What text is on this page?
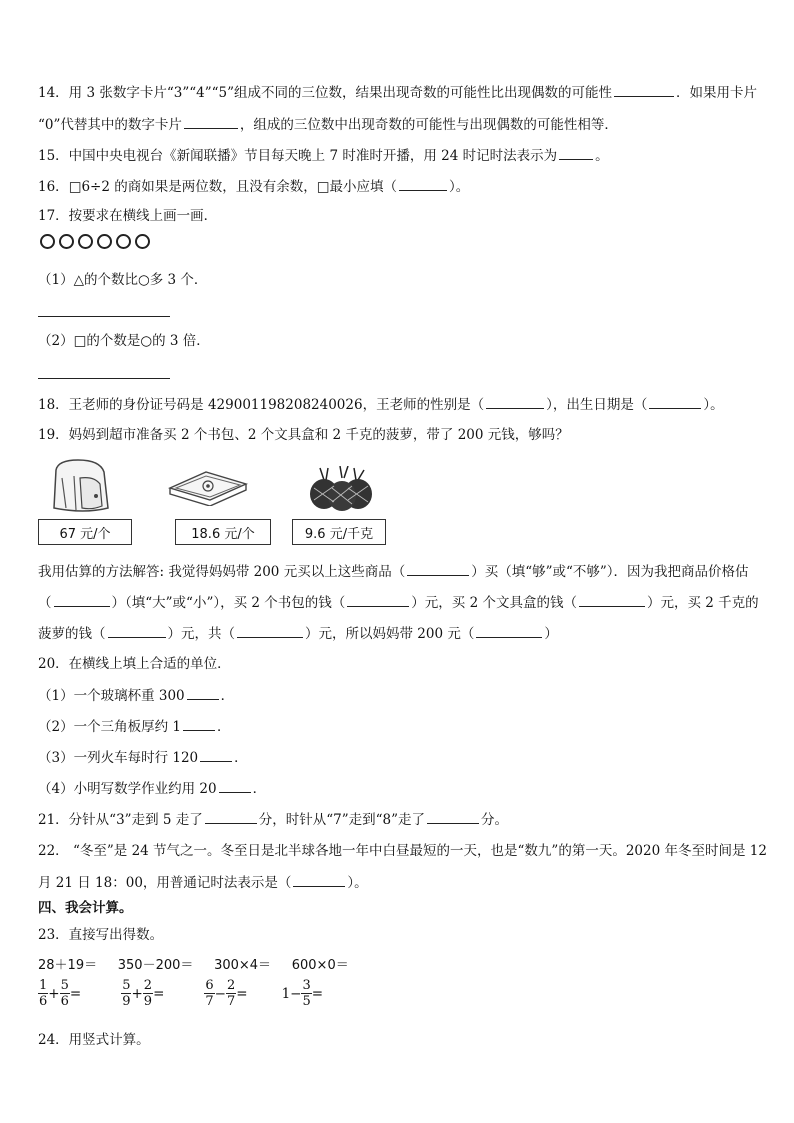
14．用 3 张数字卡片“3”“4”“5”组成不同的三位数，结果出现奇数的可能性比出现偶数的可能性	．如果用卡片
“0”代替其中的数字卡片	，组成的三位数中出现奇数的可能性与出现偶数的可能性相等．
15．中国中央电视台《新闻联播》节目每天晚上 7 时准时开播，用 24 时记时法表示为	。
16．□6÷2 的商如果是两位数，且没有余数，□最小应填（	）。
17．按要求在横线上画一画．
（1）△的个数比○多 3 个．
（2）□的个数是○的 3 倍．
18．王老师的身份证号码是 429001198208240026，王老师的性别是（	），出生日期是（	）。
19．妈妈到超市准备买 2 个书包、2 个文具盒和 2 千克的菠萝，带了 200 元钱，够吗？
67 元/个	18.6 元/个	9.6 元/千克
我用估算的方法解答: 我觉得妈妈带 200 元买以上这些商品（	）买（填“够”或“不够”）．因为我把商品价格估
（	）（填“大”或“小”），买 2 个书包的钱（	）元，买 2 个文具盒的钱（	）元，买 2 千克的
菠萝的钱（	）元，共（	）元，所以妈妈带 200 元（	）
20．在横线上填上合适的单位．
（1）一个玻璃杯重 300	．
（2）一个三角板厚约 1	．
（3）一列火车每时行 120	．
（4）小明写数学作业约用 20	．
21．分针从“3”走到 5 走了	分，时针从“7”走到“8”走了	分。
22． “冬至”是 24 节气之一。冬至日是北半球各地一年中白昼最短的一天，也是“数九”的第一天。2020 年冬至时间是 12
月 21 日 18：00，用普通记时法表示是（	）。
四、我会计算。
23．直接写出得数。
28＋19＝ 350－200＝ 300×4＝ 600×0＝
$\frac{1}{6} + \frac{5}{6}$ =	$\frac{5}{9} + \frac{2}{9}$ =	$\frac{6}{7} - \frac{2}{7}$ =	$1- \frac{3}{5}$ =
24．用竖式计算。
